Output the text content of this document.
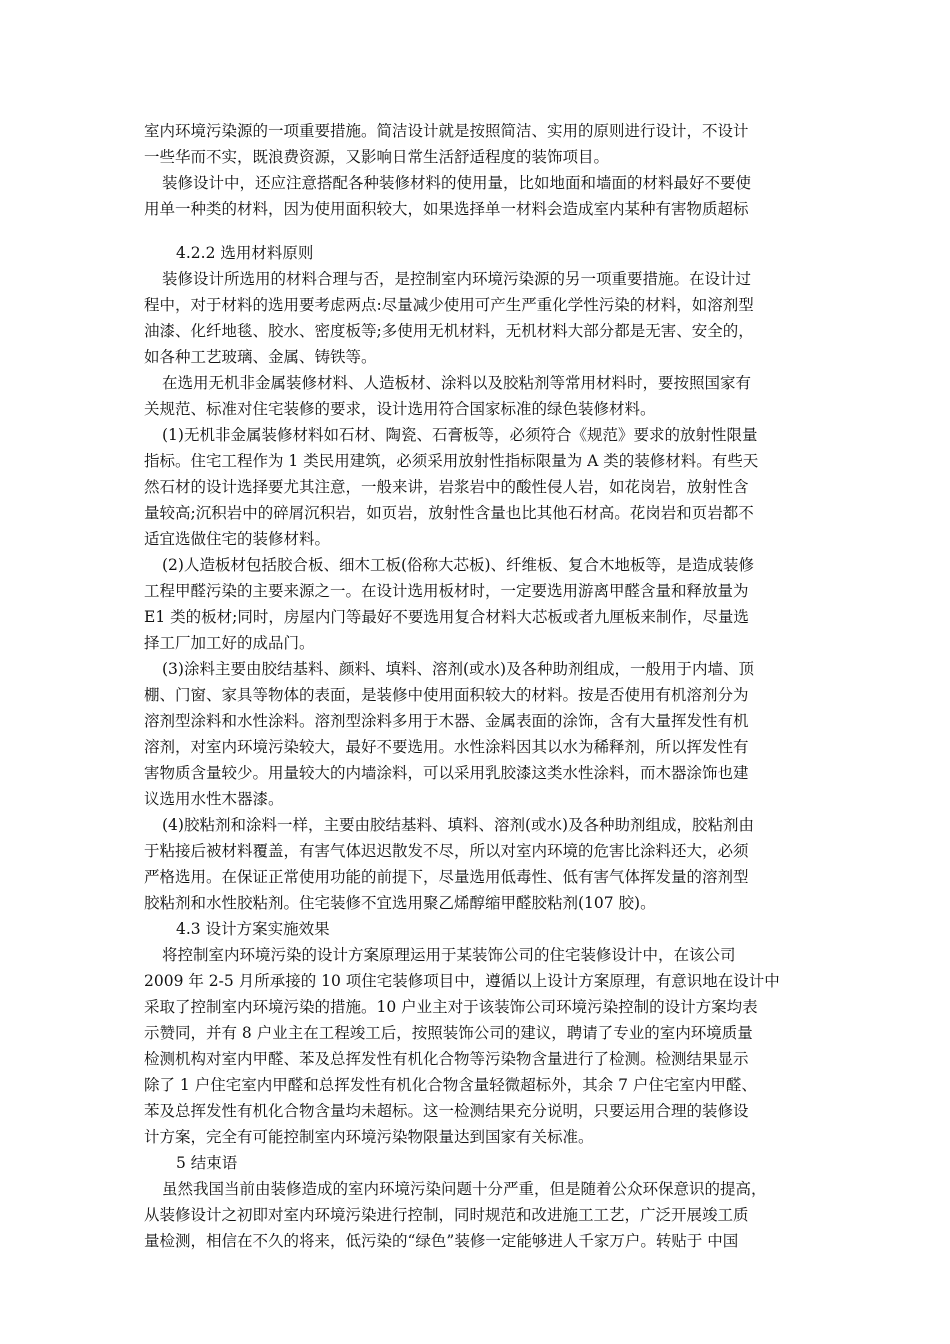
室内环境污染源的一项重要措施。简洁设计就是按照简洁、实用的原则进行设计，不设计
一些华而不实，既浪费资源，又影响日常生活舒适程度的装饰项目。
装修设计中，还应注意搭配各种装修材料的使用量，比如地面和墙面的材料最好不要使
用单一种类的材料，因为使用面积较大，如果选择单一材料会造成室内某种有害物质超标
4.2.2 选用材料原则
装修设计所选用的材料合理与否，是控制室内环境污染源的另一项重要措施。在设计过
程中，对于材料的选用要考虑两点:尽量减少使用可产生严重化学性污染的材料，如溶剂型
油漆、化纤地毯、胶水、密度板等;多使用无机材料，无机材料大部分都是无害、安全的，
如各种工艺玻璃、金属、铸铁等。
在选用无机非金属装修材料、人造板材、涂料以及胶粘剂等常用材料时，要按照国家有
关规范、标准对住宅装修的要求，设计选用符合国家标准的绿色装修材料。
(1)无机非金属装修材料如石材、陶瓷、石膏板等，必须符合《规范》要求的放射性限量
指标。住宅工程作为 1 类民用建筑，必须采用放射性指标限量为 A 类的装修材料。有些天
然石材的设计选择要尤其注意，一般来讲，岩浆岩中的酸性侵人岩，如花岗岩，放射性含
量较高;沉积岩中的碎屑沉积岩，如页岩，放射性含量也比其他石材高。花岗岩和页岩都不
适宜选做住宅的装修材料。
(2)人造板材包括胶合板、细木工板(俗称大芯板)、纤维板、复合木地板等，是造成装修
工程甲醛污染的主要来源之一。在设计选用板材时，一定要选用游离甲醛含量和释放量为
E1 类的板材;同时，房屋内门等最好不要选用复合材料大芯板或者九厘板来制作，尽量选
择工厂加工好的成品门。
(3)涂料主要由胶结基料、颜料、填料、溶剂(或水)及各种助剂组成，一般用于内墙、顶
棚、门窗、家具等物体的表面，是装修中使用面积较大的材料。按是否使用有机溶剂分为
溶剂型涂料和水性涂料。溶剂型涂料多用于木器、金属表面的涂饰，含有大量挥发性有机
溶剂，对室内环境污染较大，最好不要选用。水性涂料因其以水为稀释剂，所以挥发性有
害物质含量较少。用量较大的内墙涂料，可以采用乳胶漆这类水性涂料，而木器涂饰也建
议选用水性木器漆。
(4)胶粘剂和涂料一样，主要由胶结基料、填料、溶剂(或水)及各种助剂组成，胶粘剂由
于粘接后被材料覆盖，有害气体迟迟散发不尽，所以对室内环境的危害比涂料还大，必须
严格选用。在保证正常使用功能的前提下，尽量选用低毒性、低有害气体挥发量的溶剂型
胶粘剂和水性胶粘剂。住宅装修不宜选用聚乙烯醇缩甲醛胶粘剂(107 胶)。
4.3 设计方案实施效果
将控制室内环境污染的设计方案原理运用于某装饰公司的住宅装修设计中，在该公司
2009 年 2-5 月所承接的 10 项住宅装修项目中，遵循以上设计方案原理，有意识地在设计中
采取了控制室内环境污染的措施。10 户业主对于该装饰公司环境污染控制的设计方案均表
示赞同，并有 8 户业主在工程竣工后，按照装饰公司的建议，聘请了专业的室内环境质量
检测机构对室内甲醛、苯及总挥发性有机化合物等污染物含量进行了检测。检测结果显示
除了 1 户住宅室内甲醛和总挥发性有机化合物含量轻微超标外，其余 7 户住宅室内甲醛、
苯及总挥发性有机化合物含量均未超标。这一检测结果充分说明，只要运用合理的装修设
计方案，完全有可能控制室内环境污染物限量达到国家有关标准。
5 结束语
虽然我国当前由装修造成的室内环境污染问题十分严重，但是随着公众环保意识的提高，
从装修设计之初即对室内环境污染进行控制，同时规范和改进施工工艺，广泛开展竣工质
量检测，相信在不久的将来，低污染的“绿色”装修一定能够进人千家万户。转贴于 中国
